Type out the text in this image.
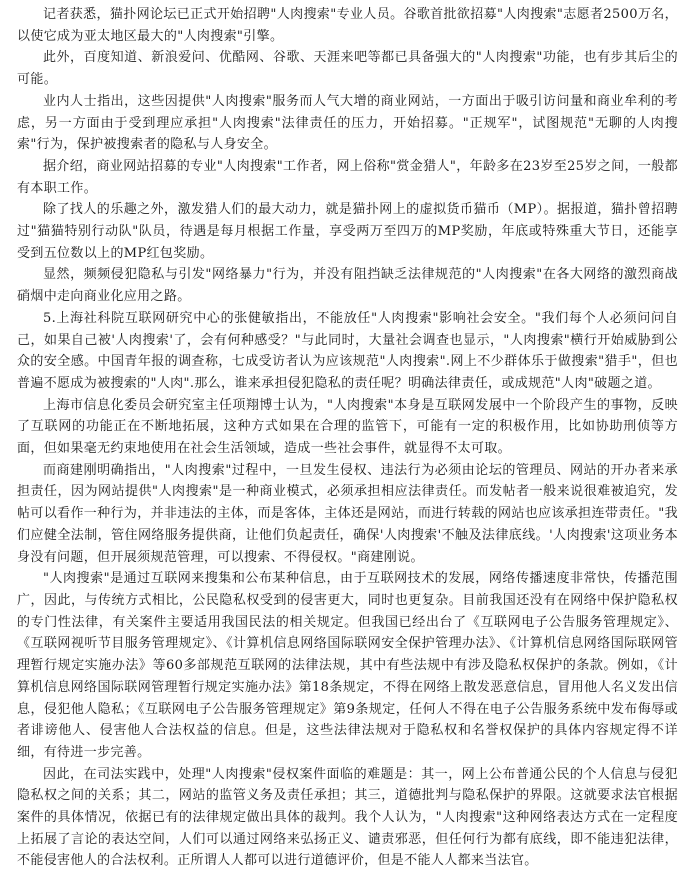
记者获悉，猫扑网论坛已正式开始招聘"人肉搜索"专业人员。谷歌首批欲招募"人肉搜索"志愿者2500万名，以使它成为亚太地区最大的"人肉搜索"引擎。

此外，百度知道、新浪爱问、优酷网、谷歌、天涯来吧等都已具备强大的"人肉搜索"功能，也有步其后尘的可能。

业内人士指出，这些因提供"人肉搜索"服务而人气大增的商业网站，一方面出于吸引访问量和商业牟利的考虑，另一方面由于受到理应承担"人肉搜索"法律责任的压力，开始招募。"正规军"，试图规范"无聊的人肉搜索"行为，保护被搜索者的隐私与人身安全。

据介绍，商业网站招募的专业"人肉搜索"工作者，网上俗称"赏金猎人"，年龄多在23岁至25岁之间，一般都有本职工作。

除了找人的乐趣之外，激发猎人们的最大动力，就是猫扑网上的虚拟货币猫币（MP）。据报道，猫扑曾招聘过"猫猫特别行动队"队员，待遇是每月根据工作量，享受两万至四万的MP奖励，年底或特殊重大节日，还能享受到五位数以上的MP红包奖励。

显然，频频侵犯隐私与引发"网络暴力"行为，并没有阻挡缺乏法律规范的"人肉搜索"在各大网络的激烈商战硝烟中走向商业化应用之路。

5.上海社科院互联网研究中心的张健敏指出，不能放任"人肉搜索"影响社会安全。"我们每个人必须问问自己，如果自己被'人肉搜索'了，会有何种感受？"与此同时，大量社会调查也显示，"人肉搜索"横行开始威胁到公众的安全感。中国青年报的调查称，七成受访者认为应该规范"人肉搜索".网上不少群体乐于做搜索"猎手"，但也普遍不愿成为被搜索的"人肉".那么，谁来承担侵犯隐私的责任呢？明确法律责任，或成规范"人肉"破题之道。

上海市信息化委员会研究室主任项翔博士认为，"人肉搜索"本身是互联网发展中一个阶段产生的事物，反映了互联网的功能正在不断地拓展，这种方式如果在合理的监管下，可能有一定的积极作用，比如协助刑侦等方面，但如果毫无约束地使用在社会生活领域，造成一些社会事件，就显得不太可取。

而商建刚明确指出，"人肉搜索"过程中，一旦发生侵权、违法行为必须由论坛的管理员、网站的开办者来承担责任，因为网站提供"人肉搜索"是一种商业模式，必须承担相应法律责任。而发帖者一般来说很难被追究，发帖可以看作一种行为，并非违法的主体，而是客体，主体还是网站，而进行转载的网站也应该承担连带责任。"我们应健全法制，管住网络服务提供商，让他们负起责任，确保'人肉搜索'不触及法律底线。'人肉搜索'这项业务本身没有问题，但开展须规范管理，可以搜索、不得侵权。"商建刚说。

"人肉搜索"是通过互联网来搜集和公布某种信息，由于互联网技术的发展，网络传播速度非常快，传播范围广，因此，与传统方式相比，公民隐私权受到的侵害更大，同时也更复杂。目前我国还没有在网络中保护隐私权的专门性法律，有关案件主要适用我国民法的相关规定。但我国已经出台了《互联网电子公告服务管理规定》、《互联网视听节目服务管理规定》、《计算机信息网络国际联网安全保护管理办法》、《计算机信息网络国际联网管理暂行规定实施办法》等60多部规范互联网的法律法规，其中有些法规中有涉及隐私权保护的条款。例如，《计算机信息网络国际联网管理暂行规定实施办法》第18条规定，不得在网络上散发恶意信息，冒用他人名义发出信息，侵犯他人隐私；《互联网电子公告服务管理规定》第9条规定，任何人不得在电子公告服务系统中发布侮辱或者诽谤他人、侵害他人合法权益的信息。但是，这些法律法规对于隐私权和名誉权保护的具体内容规定得不详细，有待进一步完善。

因此，在司法实践中，处理"人肉搜索"侵权案件面临的难题是：其一，网上公布普通公民的个人信息与侵犯隐私权之间的关系；其二，网站的监管义务及责任承担；其三，道德批判与隐私保护的界限。这就要求法官根据案件的具体情况，依据已有的法律规定做出具体的裁判。我个人认为，"人肉搜索"这种网络表达方式在一定程度上拓展了言论的表达空间，人们可以通过网络来弘扬正义、谴责邪恶，但任何行为都有底线，即不能违犯法律，不能侵害他人的合法权利。正所谓人人都可以进行道德评价，但是不能人人都来当法官。
